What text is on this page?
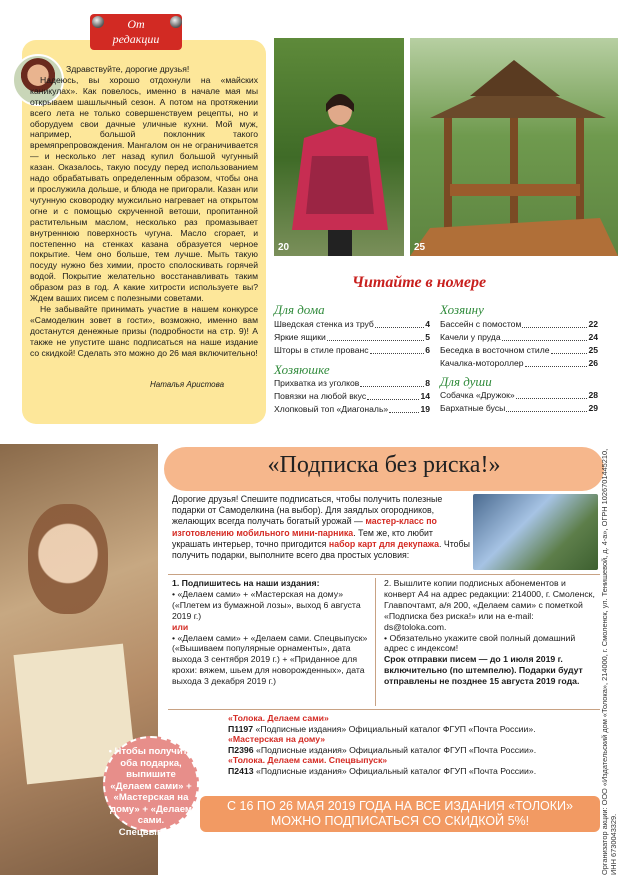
От
редакции

Здравствуйте, дорогие друзья!

Надеюсь, вы хорошо отдохнули на «майских каникулах». Как повелось, именно в начале мая мы открываем шашлычный сезон. А потом на протяжении всего лета не только совершенствуем рецепты, но и оборудуем свои дачные уличные кухни. Мой муж, например, большой поклонник такого времяпрепровождения. Мангалом он не ограничивается — и несколько лет назад купил большой чугунный казан. Оказалось, такую посуду перед использованием надо обрабатывать определенным образом, чтобы она и прослужила дольше, и блюда не пригорали. Казан или чугунную сковородку мужсильно нагревает на открытом огне и с помощью скрученной ветоши, пропитанной растительным маслом, несколько раз промазывает внутреннюю поверхность чугуна. Масло сгорает, и постепенно на стенках казана образуется черное покрытие. Чем оно больше, тем лучше. Мыть такую посуду нужно без химии, просто сполоскивать горячей водой. Покрытие желательно восстанавливать таким образом раз в год. А какие хитрости используете вы? Ждем ваших писем с полезными советами.

Не забывайте принимать участие в нашем конкурсе «Самоделкин зовет в гости», возможно, именно вам достанутся денежные призы (подробности на стр. 9)! А также не упустите шанс подписаться на наше издание со скидкой! Сделать это можно до 26 мая включительно!

Наталья Аристова
20	25
Читайте в номере
Для дома
Шведская стенка из труб	4
Яркие ящики	5
Шторы в стиле прованс	6
Хозяюшке
Прихватка из уголков	8
Повязки на любой вкус	14
Хлопковый топ «Диагональ»	19
Хозяину
Бассейн с помостом	22
Качели у пруда	24
Беседка в восточном стиле	25
Качалка-мотороллер	26
Для души
Собачка «Дружок»	28
Бархатные бусы	29
• Чтобы получить оба подарка, выпишите «Делаем сами» + «Мастерская на дому» + «Делаем сами. Спецвыпуск»
«Подписка без риска!»
Дорогие друзья! Спешите подписаться, чтобы получить полезные подарки от Самоделкина (на выбор). Для заядлых огородников, желающих всегда получать богатый урожай — мастер-класс по изготовлению мобильного мини-парника. Тем же, кто любит украшать интерьер, точно пригодится набор карт для декупажа. Чтобы получить подарки, выполните всего два простых условия:
1. Подпишитесь на наши издания:
• «Делаем сами» + «Мастерская на дому» («Плетем из бумажной лозы», выход 6 августа 2019 г.)
или
• «Делаем сами» + «Делаем сами. Спецвыпуск» («Вышиваем популярные орнаменты», дата выхода 3 сентября 2019 г.) + «Приданное для крохи: вяжем, шьем для новорожденных», дата выхода 3 декабря 2019 г.)
2. Вышлите копии подписных абонементов и конверт А4 на адрес редакции: 214000, г. Смоленск, Главпочтамт, а/я 200, «Делаем сами» с пометкой «Подписка без риска!» или на e-mail: ds@toloka.com.
• Обязательно укажите свой полный домашний адрес с индексом!
Срок отправки писем — до 1 июля 2019 г. включительно (по штемпелю). Подарки будут отправлены не позднее 15 августа 2019 года.
«Толока. Делаем сами»
П1197 «Подписные издания» Официальный каталог ФГУП «Почта России».
«Мастерская на дому»
П2396 «Подписные издания» Официальный каталог ФГУП «Почта России».
«Толока. Делаем сами. Спецвыпуск»
П2413 «Подписные издания» Официальный каталог ФГУП «Почта России».
С 16 ПО 26 МАЯ 2019 ГОДА НА ВСЕ ИЗДАНИЯ «ТОЛОКИ»
МОЖНО ПОДПИСАТЬСЯ СО СКИДКОЙ 5%!	Организатор акции: ООО «Издательский дом «Толока», 214000, г. Смоленск, ул. Тенишевой, д. 4-а», ОГРН 1026701445210, ИНН 6730043329.
